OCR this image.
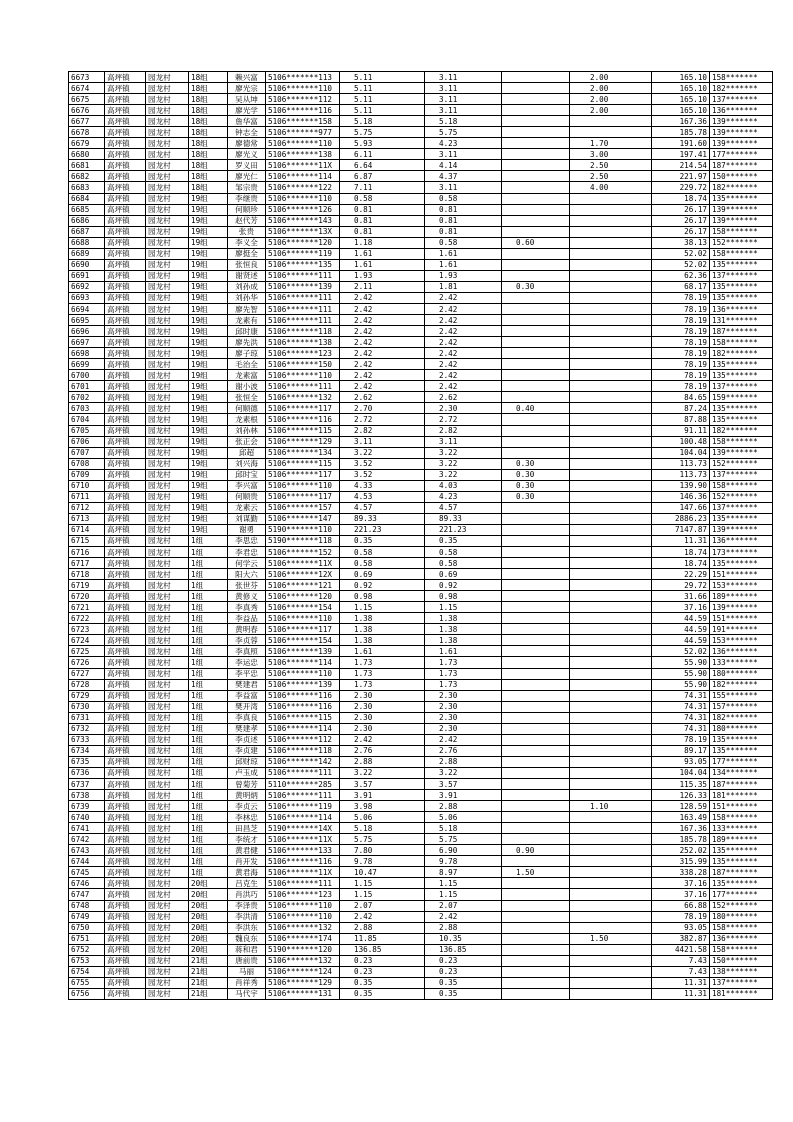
6673	高坪镇	园龙村	18组	赖兴富	5106*******113	5.11	3.11		2.00	165.10	158*******
6674	高坪镇	园龙村	18组	廖光宗	5106*******110	5.11	3.11		2.00	165.10	182*******
6675	高坪镇	园龙村	18组	吴从坤	5106*******112	5.11	3.11		2.00	165.10	137*******
6676	高坪镇	园龙村	18组	廖光学	5106*******116	5.11	3.11		2.00	165.10	136*******
6677	高坪镇	园龙村	18组	詹华富	5106*******158	5.18	5.18			167.36	139*******
6678	高坪镇	园龙村	18组	钟志全	5106*******977	5.75	5.75			185.78	139*******
6679	高坪镇	园龙村	18组	廖德常	5106*******110	5.93	4.23		1.70	191.60	139*******
6680	高坪镇	园龙村	18组	廖光义	5106*******138	6.11	3.11		3.00	197.41	177*******
6681	高坪镇	园龙村	18组	罗义田	5106*******11X	6.64	4.14		2.50	214.54	187*******
6682	高坪镇	园龙村	18组	廖光仁	5106*******114	6.87	4.37		2.50	221.97	150*******
6683	高坪镇	园龙村	18组	邹宗贵	5106*******122	7.11	3.11		4.00	229.72	182*******
6684	高坪镇	园龙村	19组	李继贵	5106*******110	0.58	0.58			18.74	135*******
6685	高坪镇	园龙村	19组	何顺珍	5106*******126	0.81	0.81			26.17	139*******
6686	高坪镇	园龙村	19组	赵代芳	5106*******143	0.81	0.81			26.17	139*******
6687	高坪镇	园龙村	19组	张贵	5106*******13X	0.81	0.81			26.17	158*******
6688	高坪镇	园龙村	19组	李义全	5106*******120	1.18	0.58	0.60		38.13	152*******
6689	高坪镇	园龙村	19组	廖挺全	5106*******119	1.61	1.61			52.02	158*******
6690	高坪镇	园龙村	19组	张恒良	5106*******135	1.61	1.61			52.02	135*******
6691	高坪镇	园龙村	19组	谢贤述	5106*******111	1.93	1.93			62.36	137*******
6692	高坪镇	园龙村	19组	刘孙成	5106*******139	2.11	1.81	0.30		68.17	135*******
6693	高坪镇	园龙村	19组	刘孙华	5106*******111	2.42	2.42			78.19	135*******
6694	高坪镇	园龙村	19组	廖先智	5106*******111	2.42	2.42			78.19	136*******
6695	高坪镇	园龙村	19组	龙素有	5106*******111	2.42	2.42			78.19	131*******
6696	高坪镇	园龙村	19组	邱时康	5106*******118	2.42	2.42			78.19	187*******
6697	高坪镇	园龙村	19组	廖先洪	5106*******138	2.42	2.42			78.19	158*******
6698	高坪镇	园龙村	19组	廖子琼	5106*******123	2.42	2.42			78.19	182*******
6699	高坪镇	园龙村	19组	毛治全	5106*******150	2.42	2.42			78.19	135*******
6700	高坪镇	园龙村	19组	龙素富	5106*******110	2.42	2.42			78.19	135*******
6701	高坪镇	园龙村	19组	谢小波	5106*******111	2.42	2.42			78.19	137*******
6702	高坪镇	园龙村	19组	张恒全	5106*******132	2.62	2.62			84.65	159*******
6703	高坪镇	园龙村	19组	何顺德	5106*******117	2.70	2.30	0.40		87.24	135*******
6704	高坪镇	园龙村	19组	龙素根	5106*******116	2.72	2.72			87.88	135*******
6705	高坪镇	园龙村	19组	刘孙林	5106*******115	2.82	2.82			91.11	182*******
6706	高坪镇	园龙村	19组	张正会	5106*******129	3.11	3.11			100.48	158*******
6707	高坪镇	园龙村	19组	邱超	5106*******134	3.22	3.22			104.04	139*******
6708	高坪镇	园龙村	19组	刘兴海	5106*******115	3.52	3.22	0.30		113.73	152*******
6709	高坪镇	园龙村	19组	邱时宝	5106*******117	3.52	3.22	0.30		113.73	137*******
6710	高坪镇	园龙村	19组	李兴富	5106*******110	4.33	4.03	0.30		139.90	158*******
6711	高坪镇	园龙村	19组	何顺贵	5106*******117	4.53	4.23	0.30		146.36	152*******
6712	高坪镇	园龙村	19组	龙素云	5106*******157	4.57	4.57			147.66	137*******
6713	高坪镇	园龙村	19组	刘谋勤	5106*******147	89.33	89.33			2886.23	135*******
6714	高坪镇	园龙村	19组	谢勇	5190*******110	221.23	221.23			7147.87	139*******
6715	高坪镇	园龙村	1组	李思忠	5190*******118	0.35	0.35			11.31	136*******
6716	高坪镇	园龙村	1组	李君忠	5106*******152	0.58	0.58			18.74	173*******
6717	高坪镇	园龙村	1组	何学云	5106*******11X	0.58	0.58			18.74	135*******
6718	高坪镇	园龙村	1组	阳大六	5106*******12X	0.69	0.69			22.29	151*******
6719	高坪镇	园龙村	1组	张世芬	5106*******121	0.92	0.92			29.72	153*******
6720	高坪镇	园龙村	1组	黄修义	5106*******120	0.98	0.98			31.66	189*******
6721	高坪镇	园龙村	1组	李真秀	5106*******154	1.15	1.15			37.16	139*******
6722	高坪镇	园龙村	1组	李益品	5106*******110	1.38	1.38			44.59	151*******
6723	高坪镇	园龙村	1组	黄明春	5106*******117	1.38	1.38			44.59	191*******
6724	高坪镇	园龙村	1组	李贞蓉	5106*******154	1.38	1.38			44.59	153*******
6725	高坪镇	园龙村	1组	李真照	5106*******139	1.61	1.61			52.02	136*******
6726	高坪镇	园龙村	1组	李运忠	5106*******114	1.73	1.73			55.90	133*******
6727	高坪镇	园龙村	1组	李平忠	5106*******110	1.73	1.73			55.90	180*******
6728	高坪镇	园龙村	1组	樊建君	5106*******139	1.73	1.73			55.90	182*******
6729	高坪镇	园龙村	1组	李益富	5106*******116	2.30	2.30			74.31	155*******
6730	高坪镇	园龙村	1组	樊开湾	5106*******116	2.30	2.30			74.31	157*******
6731	高坪镇	园龙村	1组	李真良	5106*******115	2.30	2.30			74.31	182*******
6732	高坪镇	园龙村	1组	樊建孝	5106*******114	2.30	2.30			74.31	180*******
6733	高坪镇	园龙村	1组	李贞述	5106*******112	2.42	2.42			78.19	135*******
6734	高坪镇	园龙村	1组	李贞建	5106*******118	2.76	2.76			89.17	135*******
6735	高坪镇	园龙村	1组	邱财琼	5106*******142	2.88	2.88			93.05	177*******
6736	高坪镇	园龙村	1组	卢玉成	5106*******111	3.22	3.22			104.04	134*******
6737	高坪镇	园龙村	1组	曾菊芳	5110*******285	3.57	3.57			115.35	187*******
6738	高坪镇	园龙村	1组	黄明炳	5106*******111	3.91	3.91			126.33	181*******
6739	高坪镇	园龙村	1组	李贞云	5106*******119	3.98	2.88		1.10	128.59	151*******
6740	高坪镇	园龙村	1组	李林忠	5106*******114	5.06	5.06			163.49	158*******
6741	高坪镇	园龙村	1组	田昌芝	5190*******14X	5.18	5.18			167.36	133*******
6742	高坪镇	园龙村	1组	李统才	5106*******11X	5.75	5.75			185.78	189*******
6743	高坪镇	园龙村	1组	黄君健	5106*******133	7.80	6.90	0.90		252.02	135*******
6744	高坪镇	园龙村	1组	肖开发	5106*******116	9.78	9.78			315.99	135*******
6745	高坪镇	园龙村	1组	黄君海	5106*******11X	10.47	8.97	1.50		338.28	187*******
6746	高坪镇	园龙村	20组	吕克生	5106*******111	1.15	1.15			37.16	135*******
6747	高坪镇	园龙村	20组	肖洪巧	5106*******123	1.15	1.15			37.16	177*******
6748	高坪镇	园龙村	20组	李泽贵	5106*******110	2.07	2.07			66.88	152*******
6749	高坪镇	园龙村	20组	李洪清	5106*******110	2.42	2.42			78.19	180*******
6750	高坪镇	园龙村	20组	李洪东	5106*******132	2.88	2.88			93.05	158*******
6751	高坪镇	园龙村	20组	魏良东	5106*******174	11.85	10.35		1.50	382.87	136*******
6752	高坪镇	园龙村	20组	蒋和君	5190*******120	136.85	136.85			4421.58	158*******
6753	高坪镇	园龙村	21组	唐前贵	5106*******132	0.23	0.23			7.43	150*******
6754	高坪镇	园龙村	21组	马丽	5106*******124	0.23	0.23			7.43	138*******
6755	高坪镇	园龙村	21组	肖祥秀	5106*******129	0.35	0.35			11.31	137*******
6756	高坪镇	园龙村	21组	马代宇	5106*******131	0.35	0.35			11.31	181*******
